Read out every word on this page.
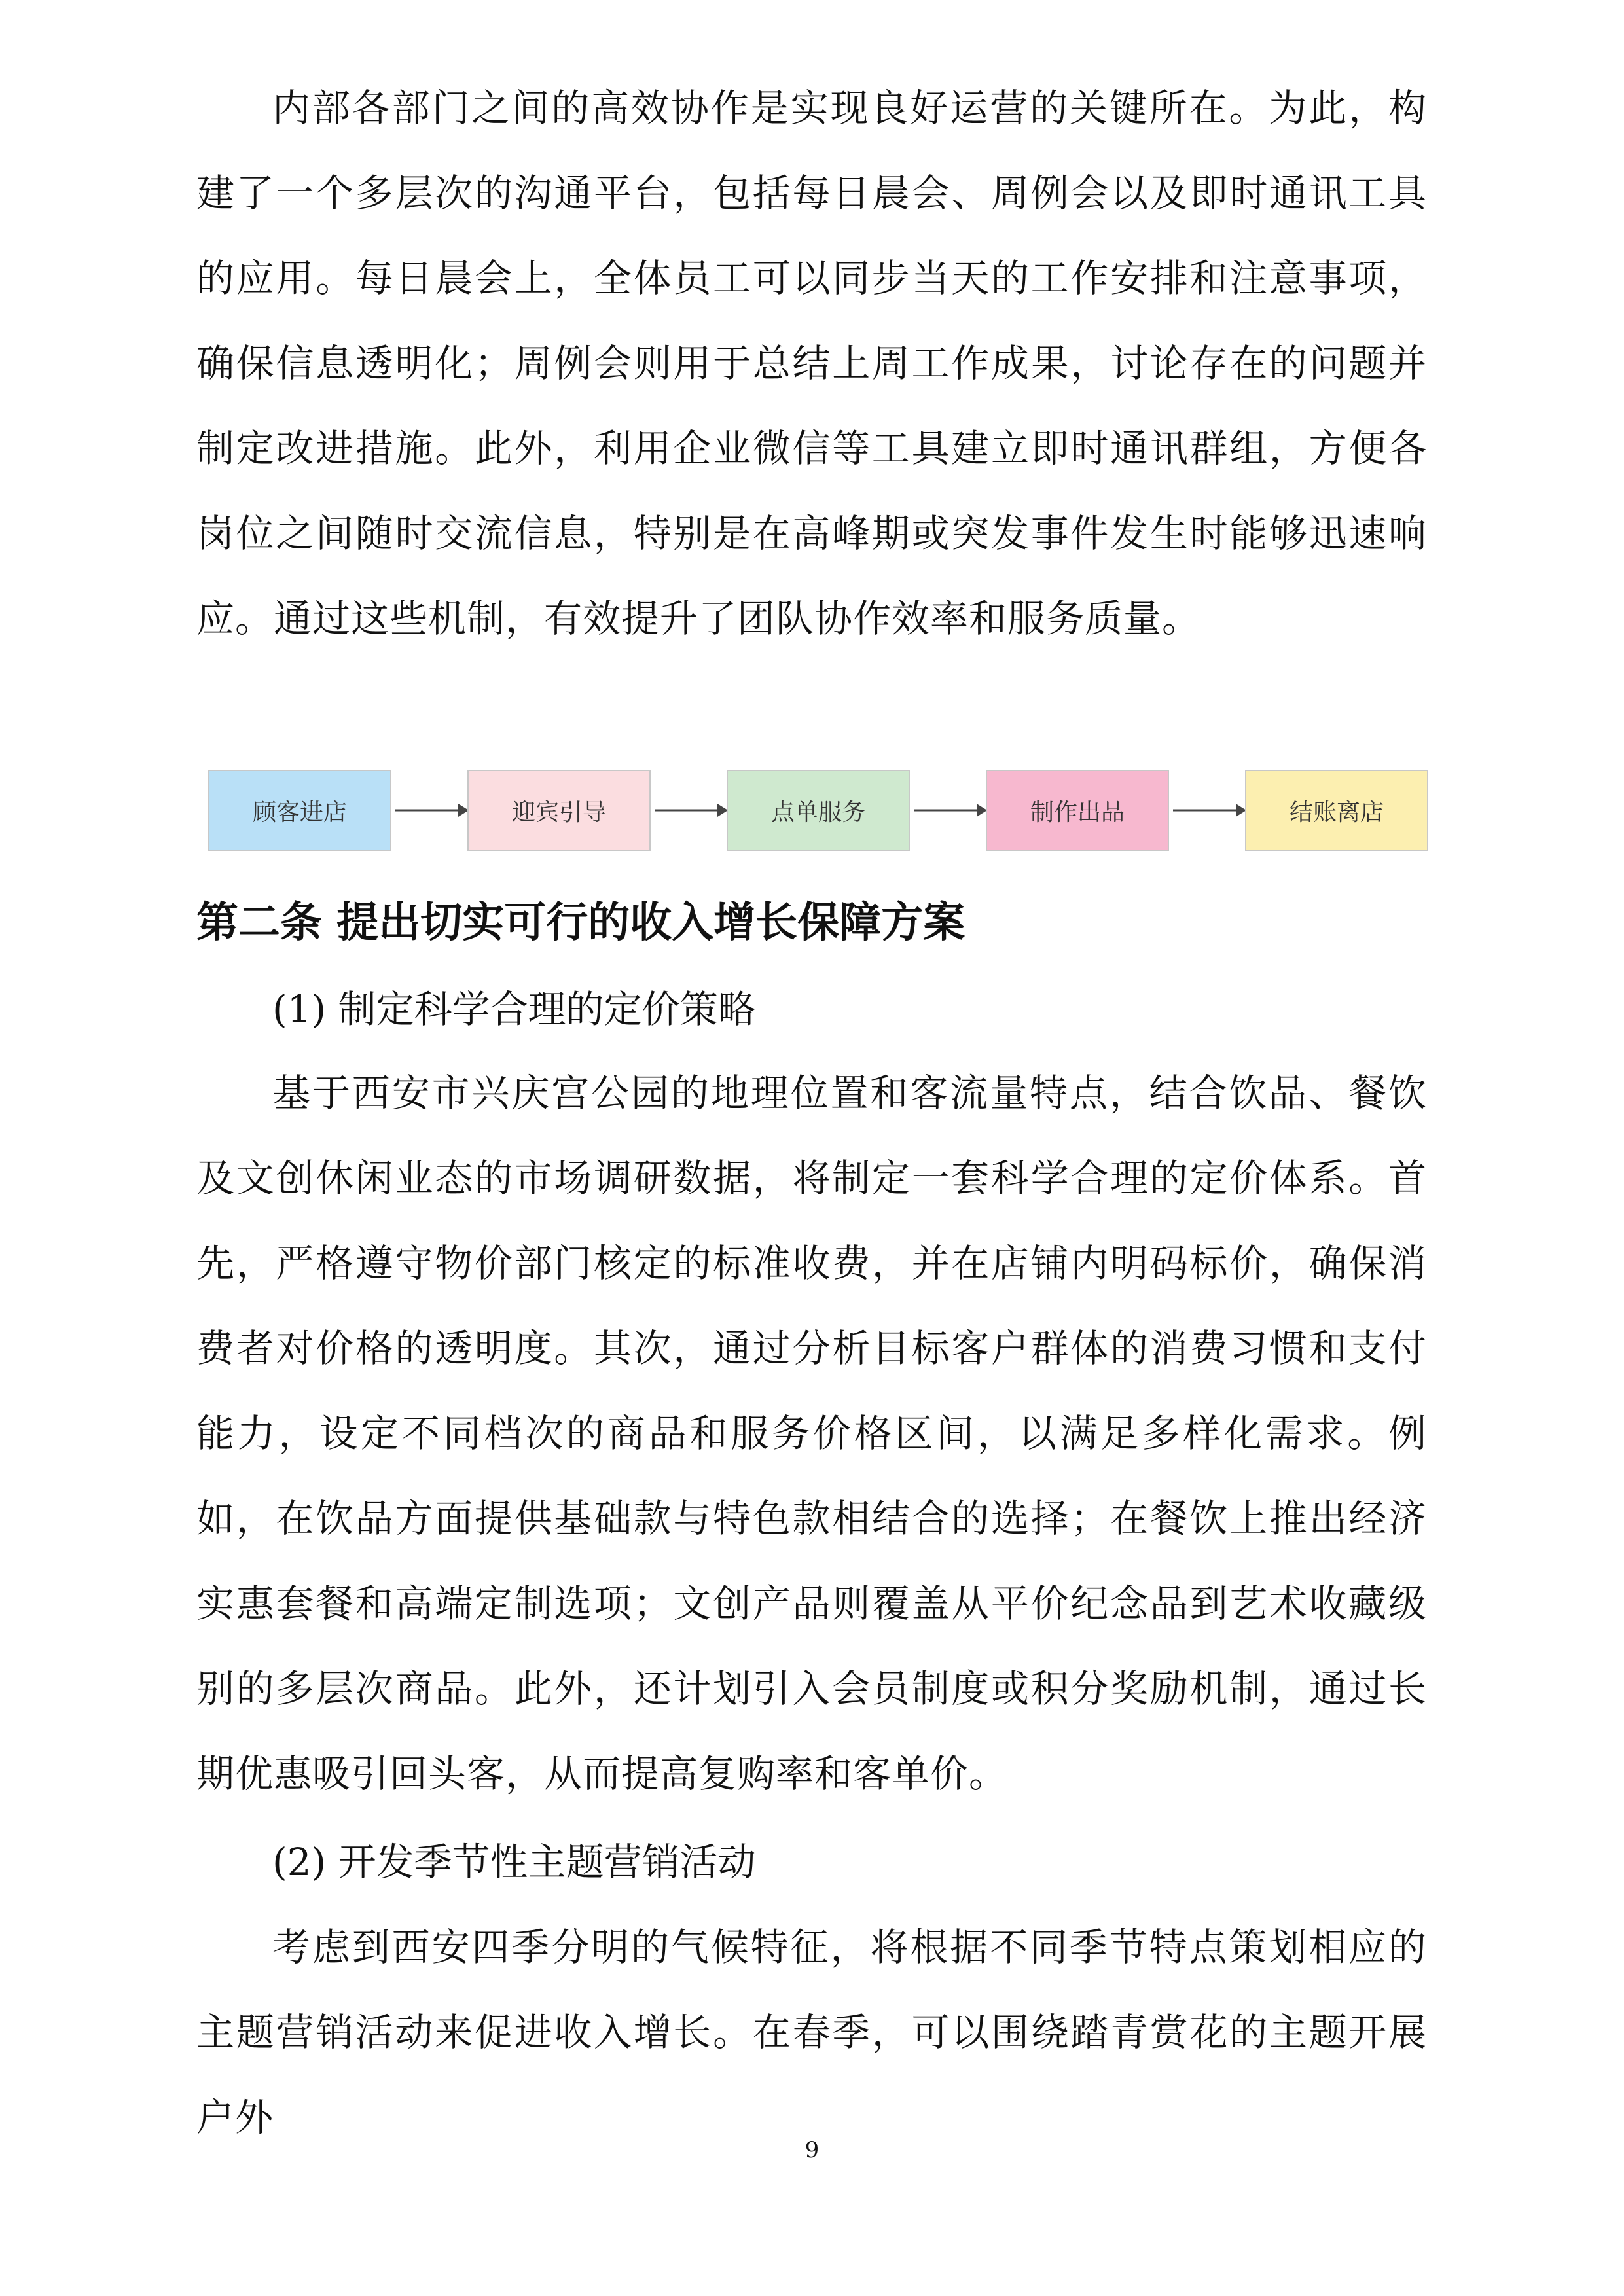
内部各部门之间的高效协作是实现良好运营的关键所在。为此，构建了一个多层次的沟通平台，包括每日晨会、周例会以及即时通讯工具的应用。每日晨会上，全体员工可以同步当天的工作安排和注意事项，确保信息透明化；周例会则用于总结上周工作成果，讨论存在的问题并制定改进措施。此外，利用企业微信等工具建立即时通讯群组，方便各岗位之间随时交流信息，特别是在高峰期或突发事件发生时能够迅速响应。通过这些机制，有效提升了团队协作效率和服务质量。

顾客进店	迎宾引导	点单服务	制作出品	结账离店
第二条 提出切实可行的收入增长保障方案

(1) 制定科学合理的定价策略

基于西安市兴庆宫公园的地理位置和客流量特点，结合饮品、餐饮及文创休闲业态的市场调研数据，将制定一套科学合理的定价体系。首先，严格遵守物价部门核定的标准收费，并在店铺内明码标价，确保消费者对价格的透明度。其次，通过分析目标客户群体的消费习惯和支付能力，设定不同档次的商品和服务价格区间，以满足多样化需求。例如，在饮品方面提供基础款与特色款相结合的选择；在餐饮上推出经济实惠套餐和高端定制选项；文创产品则覆盖从平价纪念品到艺术收藏级别的多层次商品。此外，还计划引入会员制度或积分奖励机制，通过长期优惠吸引回头客，从而提高复购率和客单价。

(2) 开发季节性主题营销活动

考虑到西安四季分明的气候特征，将根据不同季节特点策划相应的主题营销活动来促进收入增长。在春季，可以围绕踏青赏花的主题开展户外

9
